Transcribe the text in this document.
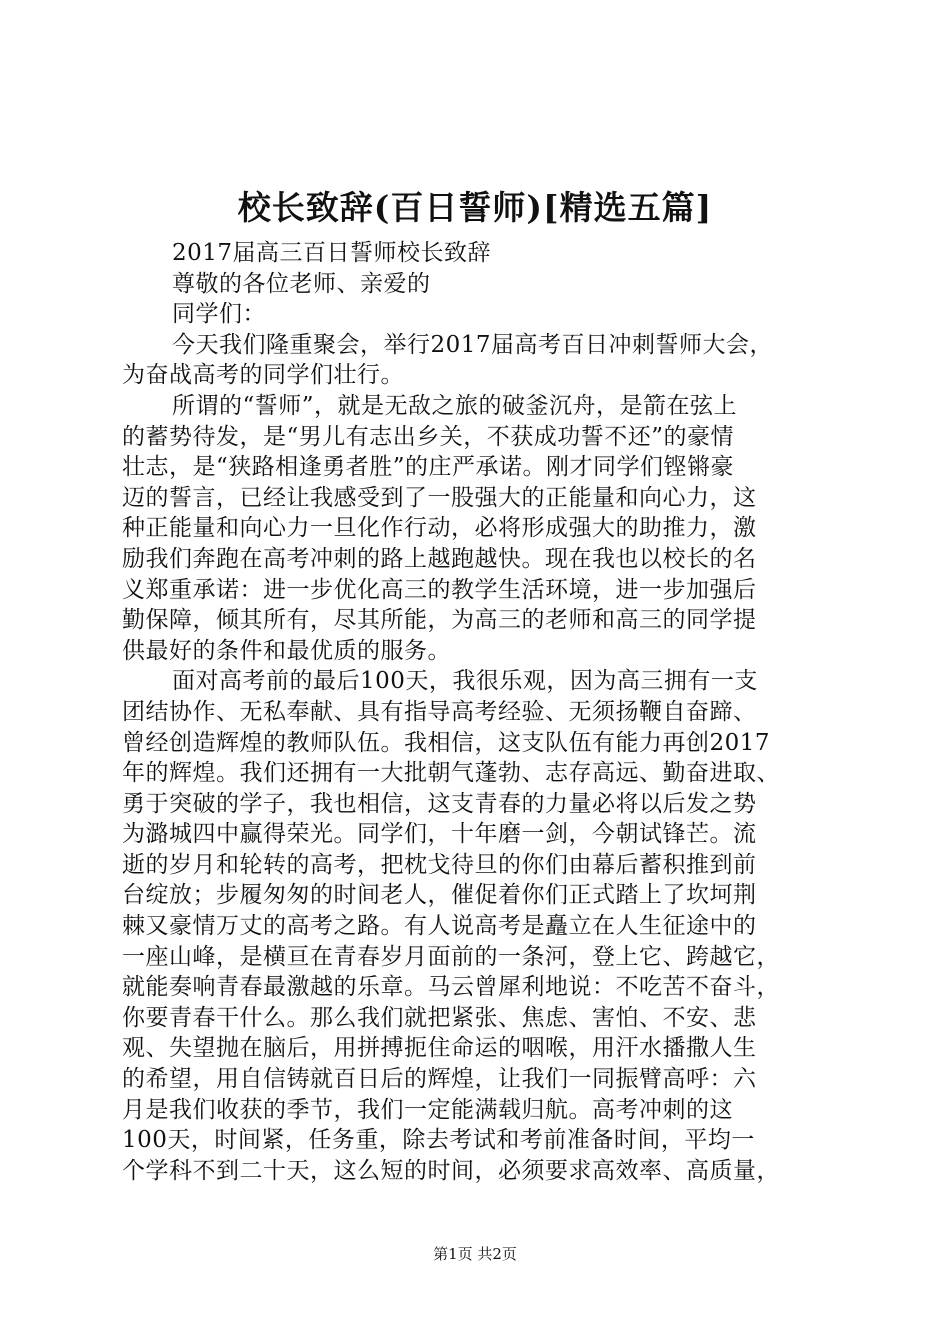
校长致辞(百日誓师)[精选五篇]
2017届高三百日誓师校长致辞
尊敬的各位老师、亲爱的
同学们：
今天我们隆重聚会，举行2017届高考百日冲刺誓师大会，
为奋战高考的同学们壮行。
所谓的“誓师”，就是无敌之旅的破釜沉舟，是箭在弦上
的蓄势待发，是“男儿有志出乡关，不获成功誓不还”的豪情
壮志，是“狭路相逢勇者胜”的庄严承诺。刚才同学们铿锵豪
迈的誓言，已经让我感受到了一股强大的正能量和向心力，这
种正能量和向心力一旦化作行动，必将形成强大的助推力，激
励我们奔跑在高考冲刺的路上越跑越快。现在我也以校长的名
义郑重承诺：进一步优化高三的教学生活环境，进一步加强后
勤保障，倾其所有，尽其所能，为高三的老师和高三的同学提
供最好的条件和最优质的服务。
面对高考前的最后100天，我很乐观，因为高三拥有一支
团结协作、无私奉献、具有指导高考经验、无须扬鞭自奋蹄、
曾经创造辉煌的教师队伍。我相信，这支队伍有能力再创2017
年的辉煌。我们还拥有一大批朝气蓬勃、志存高远、勤奋进取、
勇于突破的学子，我也相信，这支青春的力量必将以后发之势
为潞城四中赢得荣光。同学们，十年磨一剑，今朝试锋芒。流
逝的岁月和轮转的高考，把枕戈待旦的你们由幕后蓄积推到前
台绽放；步履匆匆的时间老人，催促着你们正式踏上了坎坷荆
棘又豪情万丈的高考之路。有人说高考是矗立在人生征途中的
一座山峰，是横亘在青春岁月面前的一条河，登上它、跨越它，
就能奏响青春最激越的乐章。马云曾犀利地说：不吃苦不奋斗，
你要青春干什么。那么我们就把紧张、焦虑、害怕、不安、悲
观、失望抛在脑后，用拼搏扼住命运的咽喉，用汗水播撒人生
的希望，用自信铸就百日后的辉煌，让我们一同振臂高呼：六
月是我们收获的季节，我们一定能满载归航。高考冲刺的这
100天，时间紧，任务重，除去考试和考前准备时间，平均一
个学科不到二十天，这么短的时间，必须要求高效率、高质量，
第1页 共2页
